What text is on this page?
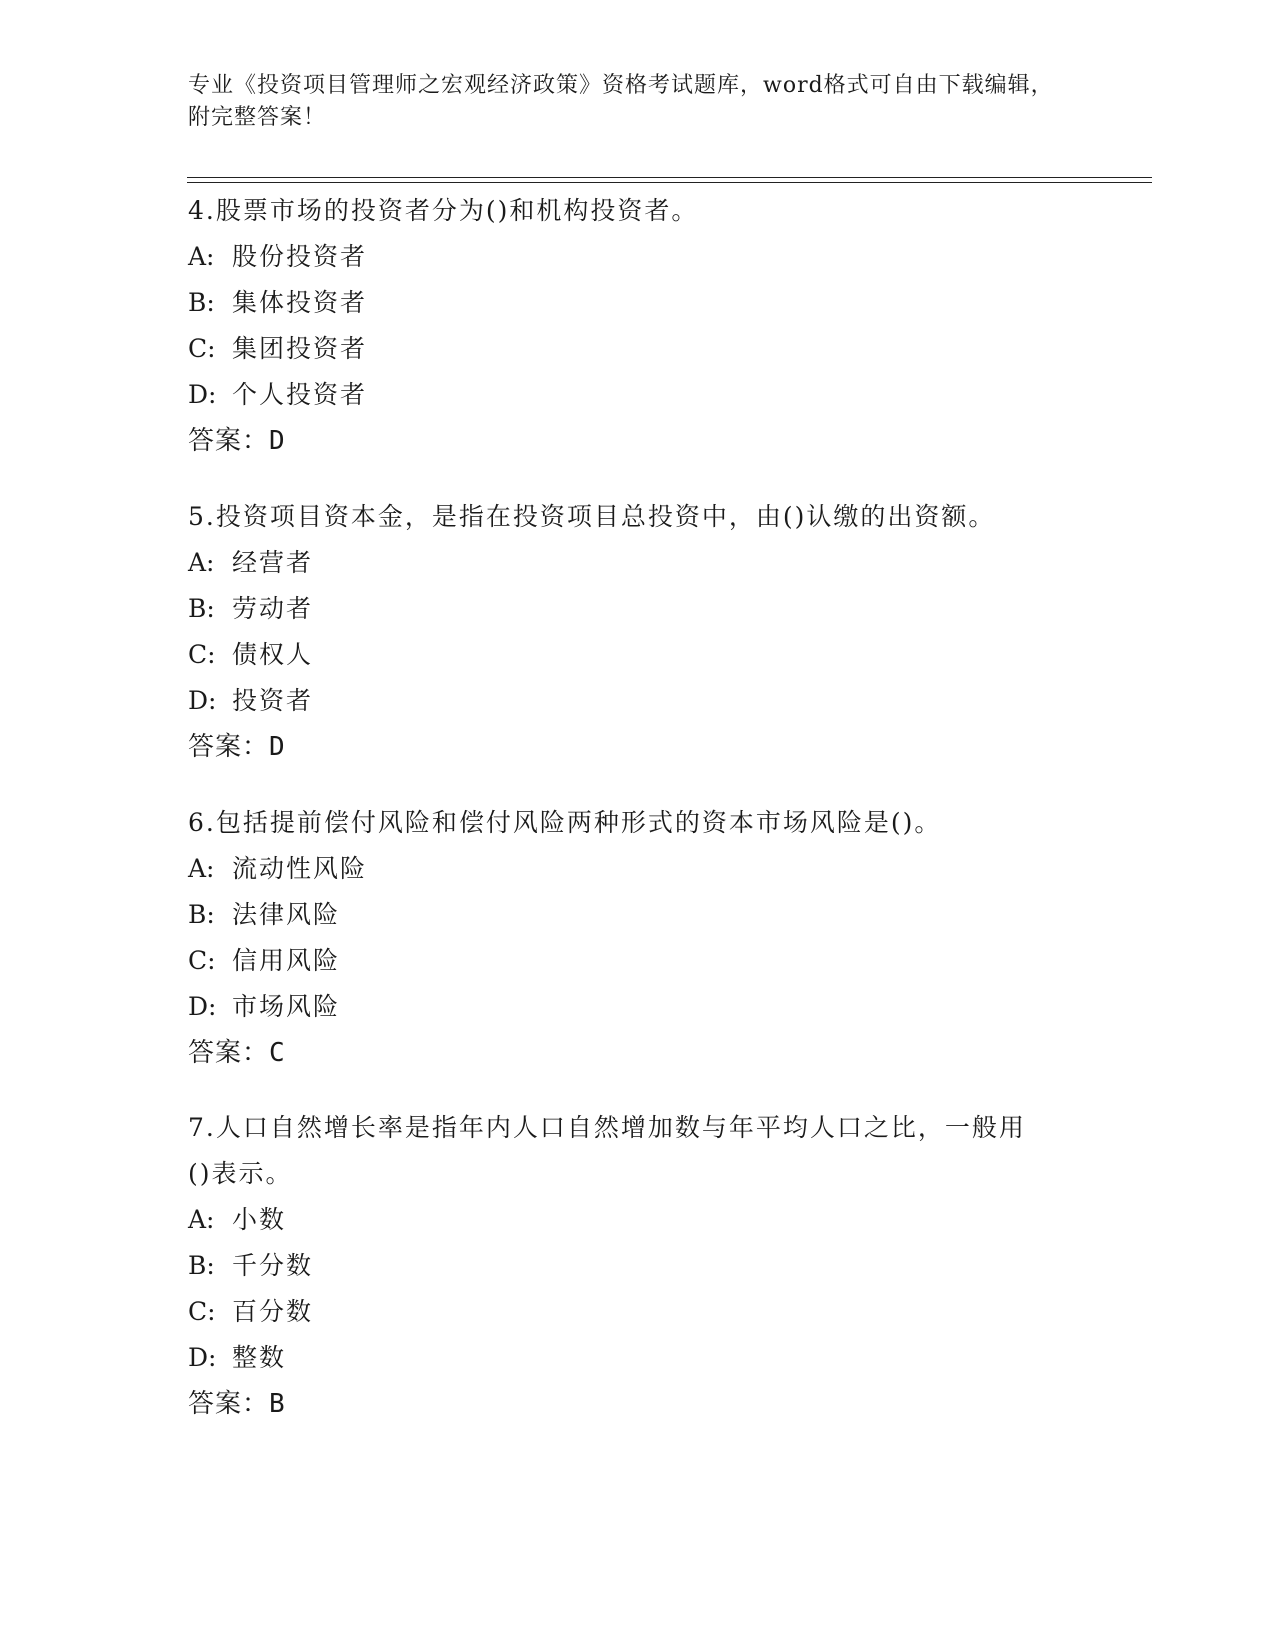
专业《投资项目管理师之宏观经济政策》资格考试题库，word格式可自由下载编辑，附完整答案！

4.股票市场的投资者分为()和机构投资者。

A: 股份投资者

B: 集体投资者

C: 集团投资者

D: 个人投资者

答案：D

5.投资项目资本金，是指在投资项目总投资中，由()认缴的出资额。

A: 经营者

B: 劳动者

C: 债权人

D: 投资者

答案：D

6.包括提前偿付风险和偿付风险两种形式的资本市场风险是()。

A: 流动性风险

B: 法律风险

C: 信用风险

D: 市场风险

答案：C

7.人口自然增长率是指年内人口自然增加数与年平均人口之比，一般用()表示。

A: 小数

B: 千分数

C: 百分数

D: 整数

答案：B
